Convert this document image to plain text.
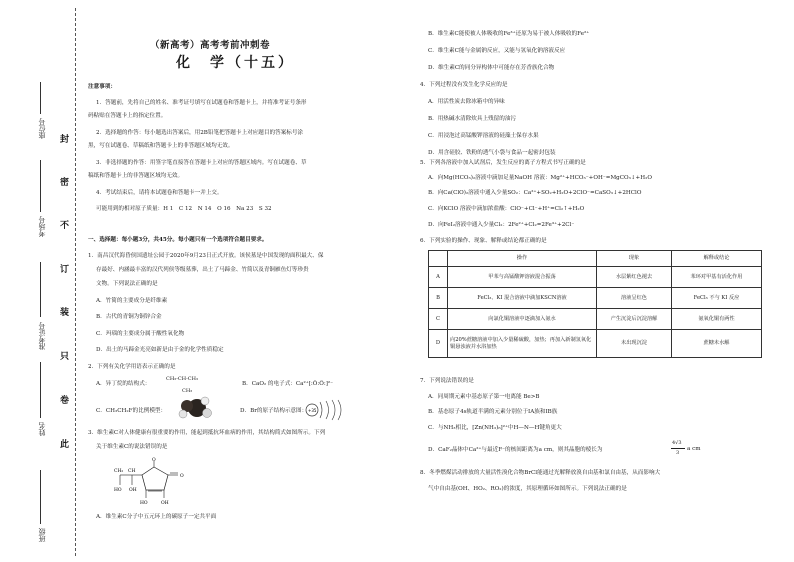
座位号
考场号
准考证号
姓名
班级
封
密
不
订
装
只
卷
此
（新高考）高考考前冲刺卷
化　学（十五）
注意事项：
1．答题前，先将自己的姓名、准考证号填写在试题卷和答题卡上，并将准考证号条形
码粘贴在答题卡上的指定位置。
2．选择题的作答：每小题选出答案后，用2B铅笔把答题卡上对应题目的答案标号涂
黑，写在试题卷、草稿纸和答题卡上的非答题区域均无效。
3．非选择题的作答：用签字笔直接答在答题卡上对应的答题区域内。写在试题卷、草
稿纸和答题卡上的非答题区域均无效。
4．考试结束后，请将本试题卷和答题卡一并上交。
可能用到的相对原子质量：H 1　C 12　N 14　O 16　Na 23　S 32
一、选择题：每小题3分，共45分。每小题只有一个选项符合题目要求。
1．南昌汉代海昏侯国遗址公园于2020年9月23日正式开放。该侯墓是中国发现的面积最大、保
存最好、内涵最丰富的汉代列侯等级墓葬，出土了马蹄金、竹简以及青铜雁鱼灯等珍贵
文物。下列说法正确的是
A．竹简的主要成分是纤维素
B．古代的青铜为铜锌合金
C．玛瑙的主要成分属于酸性氧化物
D．出土的马蹄金光亮如新是由于金的化学性质稳定
2．下列有关化学用语表示正确的是
A．异丁烷的结构式：
CH₃-CH-CH₃
CH₃
B．CaO₂ 的电子式：Ca²⁺[:Ö:Ö:]²⁻
C．CH₃CH₂F的比例模型：	D．Br的原子结构示意图： +35
3．维生素C对人体健康有很重要的作用，能起到抵抗坏血病的作用，其结构简式如图所示。下列
关于维生素C的说法错误的是
O
O
CH
CH₂
HO OH
HO	OH
A．维生素C分子中五元环上的碳原子一定共平面
B．维生素C能使被人体吸收的Fe³⁺还原为易于被人体吸收的Fe²⁺
C．维生素C能与金属钠反应，又能与氢氧化钠溶液反应
D．维生素C的同分异构体中可能存在芳香族化合物
4．下列过程没有发生化学反应的是
A．用活性炭去除冰箱中的异味
B．用热碱水清除炊具上残留的油污
C．用浸泡过高锰酸钾溶液的硅藻土保存水果
D．用含硅胶、铁粉的透气小袋与食品一起密封包装
5．下列各溶液中加入试剂后，发生反应的离子方程式书写正确的是
A．向Mg(HCO₃)₂溶液中滴加足量NaOH 溶液：Mg²⁺+HCO₃⁻+OH⁻=MgCO₃↓+H₂O
B．向Ca(ClO)₂溶液中通入少量SO₂：Ca²⁺+SO₂+H₂O+2ClO⁻=CaSO₃↓+2HClO
C．向KClO 溶液中滴加浓盐酸：ClO⁻+Cl⁻+H⁺=Cl₂↑+H₂O
D．向FeI₂溶液中通入少量Cl₂：2Fe²⁺+Cl₂=2Fe³⁺+2Cl⁻
6．下列实验的操作、现象、解释或结论都正确的是
	操作	现象	解释或结论
A	甲苯与高锰酸钾溶液混合振荡	水层紫红色褪去	苯环对甲基有活化作用
B	FeCl₃、KI 混合溶液中滴加KSCN溶液	溶液呈红色	FeCl₃ 不与 KI 反应
C	向氯化铜溶液中逐滴加入氨水	产生沉淀后沉淀溶解	氨氧化铜有两性
D	向20%蔗糖溶液中加入少量稀硫酸，加热；再加入新制氢氧化铜悬浊液并水浴加热	未出现沉淀	蔗糖未水解
7．下列说法错误的是
A．同周期元素中基态原子第一电离能 Be>B
B．基态原子4s轨道半满的元素分别位于IA族和IB族
C．与NH₃相比，[Zn(NH₃)₆]²⁺中H—N—H键角更大
D．CaF₂晶体中Ca²⁺与最近F⁻的核间距离为a cm，则其晶胞的棱长为
4√3
3
a cm
8．冬季燃煤活动排放的大量活性溴化合物BrCl能通过光解释放溴自由基和氯自由基，从而影响大
气中自由基(OH、HO₂、RO₂)的浓度，其原理循环如图所示。下列说法正确的是
